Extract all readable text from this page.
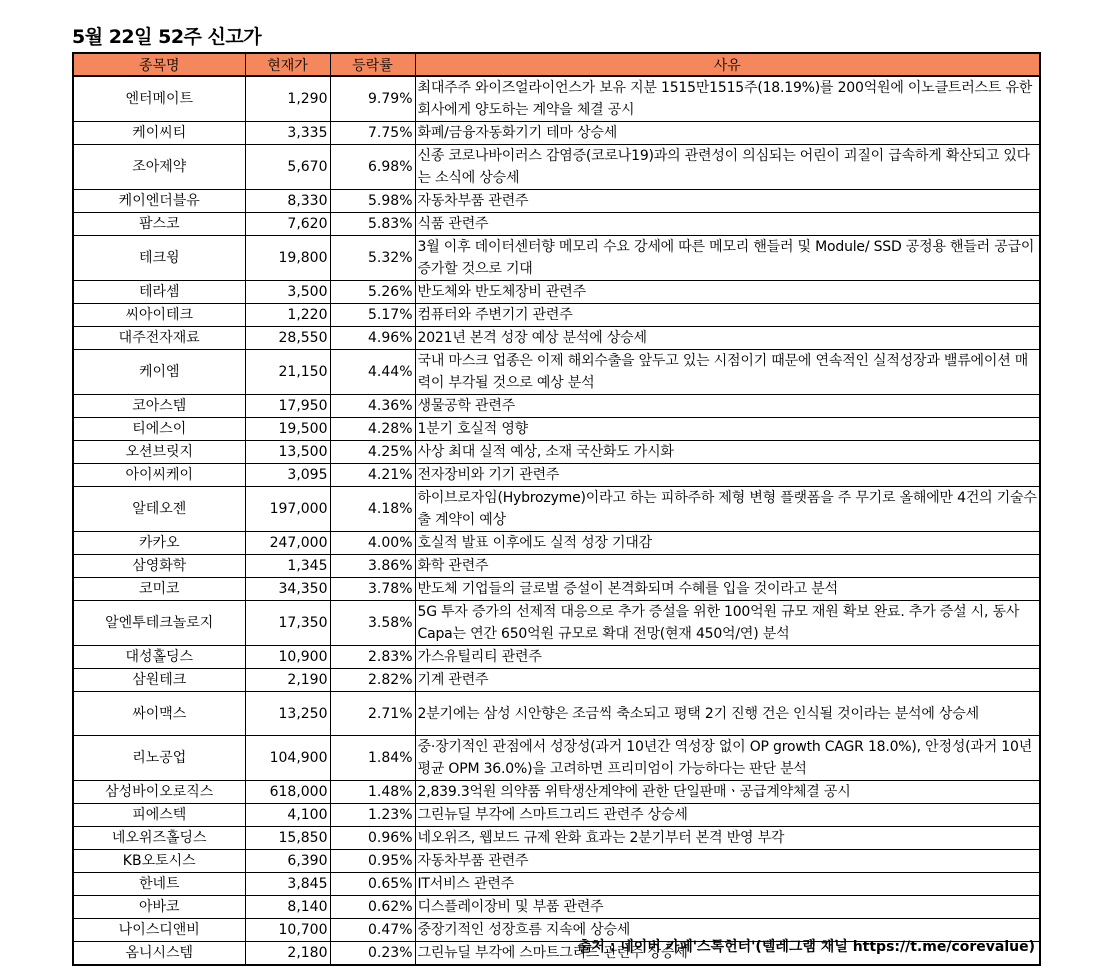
5월 22일 52주 신고가
종목명	현재가	등락률	사유
엔터메이트	1,290	9.79%	최대주주 와이즈얼라이언스가 보유 지분 1515만1515주(18.19%)를 200억원에 이노클트러스트 유한회사에게 양도하는 계약을 체결 공시
케이씨티	3,335	7.75%	화폐/금융자동화기기 테마 상승세
조아제약	5,670	6.98%	신종 코로나바이러스 감염증(코로나19)과의 관련성이 의심되는 어린이 괴질이 급속하게 확산되고 있다는 소식에 상승세
케이엔더블유	8,330	5.98%	자동차부품 관련주
팜스코	7,620	5.83%	식품 관련주
테크윙	19,800	5.32%	3월 이후 데이터센터향 메모리 수요 강세에 따른 메모리 핸들러 및 Module/ SSD 공정용 핸들러 공급이 증가할 것으로 기대
테라셈	3,500	5.26%	반도체와 반도체장비 관련주
씨아이테크	1,220	5.17%	컴퓨터와 주변기기 관련주
대주전자재료	28,550	4.96%	2021년 본격 성장 예상 분석에 상승세
케이엠	21,150	4.44%	국내 마스크 업종은 이제 해외수출을 앞두고 있는 시점이기 때문에 연속적인 실적성장과 밸류에이션 매력이 부각될 것으로 예상 분석
코아스템	17,950	4.36%	생물공학 관련주
티에스이	19,500	4.28%	1분기 호실적 영향
오션브릿지	13,500	4.25%	사상 최대 실적 예상, 소재 국산화도 가시화
아이씨케이	3,095	4.21%	전자장비와 기기 관련주
알테오젠	197,000	4.18%	하이브로자임(Hybrozyme)이라고 하는 피하주하 제형 변형 플랫폼을 주 무기로 올해에만 4건의 기술수출 계약이 예상
카카오	247,000	4.00%	호실적 발표 이후에도 실적 성장 기대감
삼영화학	1,345	3.86%	화학 관련주
코미코	34,350	3.78%	반도체 기업들의 글로벌 증설이 본격화되며 수혜를 입을 것이라고 분석
알엔투테크놀로지	17,350	3.58%	5G 투자 증가의 선제적 대응으로 추가 증설을 위한 100억원 규모 재원 확보 완료. 추가 증설 시, 동사 Capa는 연간 650억원 규모로 확대 전망(현재 450억/연) 분석
대성홀딩스	10,900	2.83%	가스유틸리티 관련주
삼원테크	2,190	2.82%	기계 관련주
싸이맥스	13,250	2.71%	2분기에는 삼성 시안향은 조금씩 축소되고 평택 2기 진행 건은 인식될 것이라는 분석에 상승세
리노공업	104,900	1.84%	중·장기적인 관점에서 성장성(과거 10년간 역성장 없이 OP growth CAGR 18.0%), 안정성(과거 10년 평균 OPM 36.0%)을 고려하면 프리미엄이 가능하다는 판단 분석
삼성바이오로직스	618,000	1.48%	2,839.3억원 의약품 위탁생산계약에 관한 단일판매ㆍ공급계약체결 공시
피에스텍	4,100	1.23%	그린뉴딜 부각에 스마트그리드 관련주 상승세
네오위즈홀딩스	15,850	0.96%	네오위즈, 웹보드 규제 완화 효과는 2분기부터 본격 반영 부각
KB오토시스	6,390	0.95%	자동차부품 관련주
한네트	3,845	0.65%	IT서비스 관련주
아바코	8,140	0.62%	디스플레이장비 및 부품 관련주
나이스디앤비	10,700	0.47%	중장기적인 성장흐름 지속에 상승세
옴니시스템	2,180	0.23%	그린뉴딜 부각에 스마트그리드 관련주 상승세
출처 : 네이버 카페'스톡헌터'(텔레그램 채널 https://t.me/corevalue)
